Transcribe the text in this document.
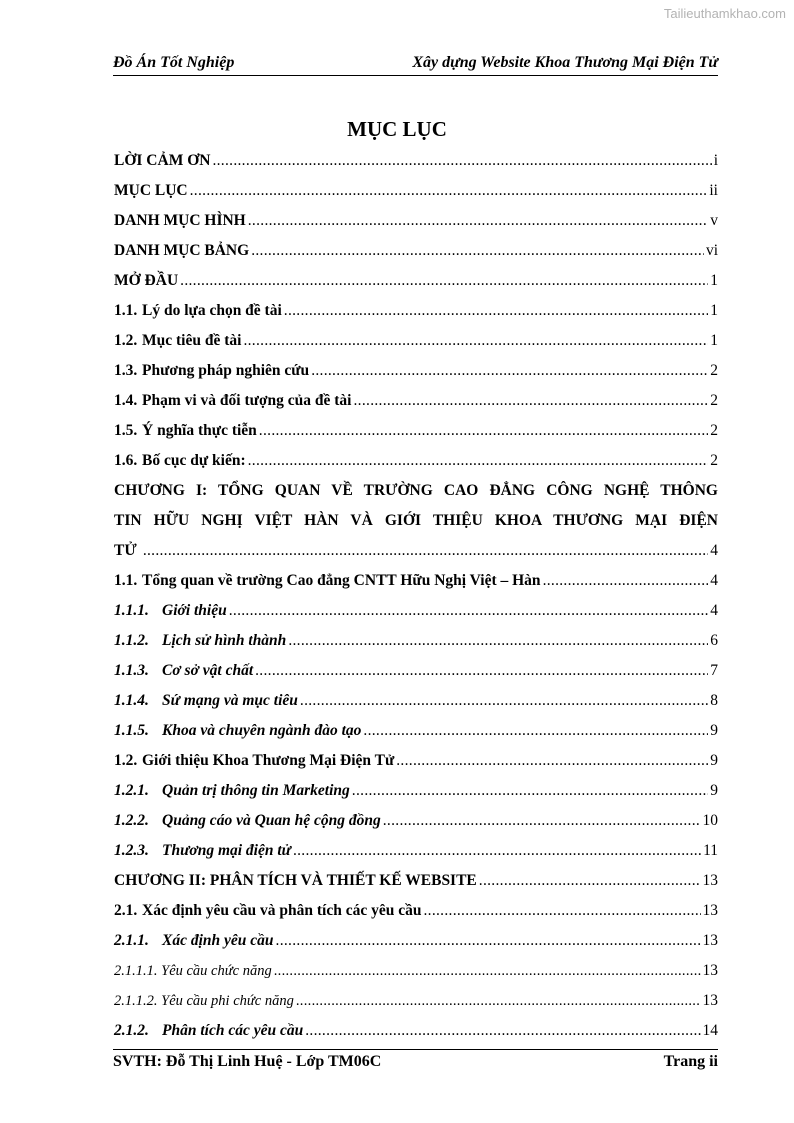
Tailieuthamkhao.com
Đồ Án Tốt Nghiệp	Xây dựng Website Khoa Thương Mại Điện Tử
MỤC LỤC
LỜI CẢM ƠN .....	i
MỤC LỤC .....	ii
DANH MỤC HÌNH .....	v
DANH MỤC BẢNG .....	vi
MỞ ĐẦU .....	1
1.1. Lý do lựa chọn đề tài .....	1
1.2. Mục tiêu đề tài .....	1
1.3. Phương pháp nghiên cứu .....	2
1.4. Phạm vi và đối tượng của đề tài .....	2
1.5. Ý nghĩa thực tiễn .....	2
1.6. Bố cục dự kiến: .....	2
CHƯƠNG I: TỔNG QUAN VỀ TRƯỜNG CAO ĐẲNG CÔNG NGHỆ THÔNG
TIN HỮU NGHỊ VIỆT HÀN VÀ GIỚI THIỆU KHOA THƯƠNG MẠI ĐIỆN
TỬ .....	4
1.1. Tổng quan về trường Cao đẳng CNTT Hữu Nghị Việt – Hàn .....	4
1.1.1. Giới thiệu .....	4
1.1.2. Lịch sử hình thành .....	6
1.1.3. Cơ sở vật chất .....	7
1.1.4. Sứ mạng và mục tiêu .....	8
1.1.5. Khoa và chuyên ngành đào tạo .....	9
1.2. Giới thiệu Khoa Thương Mại Điện Tử .....	9
1.2.1. Quản trị thông tin Marketing .....	9
1.2.2. Quảng cáo và Quan hệ cộng đồng .....	10
1.2.3. Thương mại điện tử .....	11
CHƯƠNG II: PHÂN TÍCH VÀ THIẾT KẾ WEBSITE .....	13
2.1. Xác định yêu cầu và phân tích các yêu cầu .....	13
2.1.1. Xác định yêu cầu .....	13
2.1.1.1. Yêu cầu chức năng .....	13
2.1.1.2. Yêu cầu phi chức năng .....	13
2.1.2. Phân tích các yêu cầu .....	14
SVTH: Đỗ Thị Linh Huệ - Lớp TM06C	Trang ii
